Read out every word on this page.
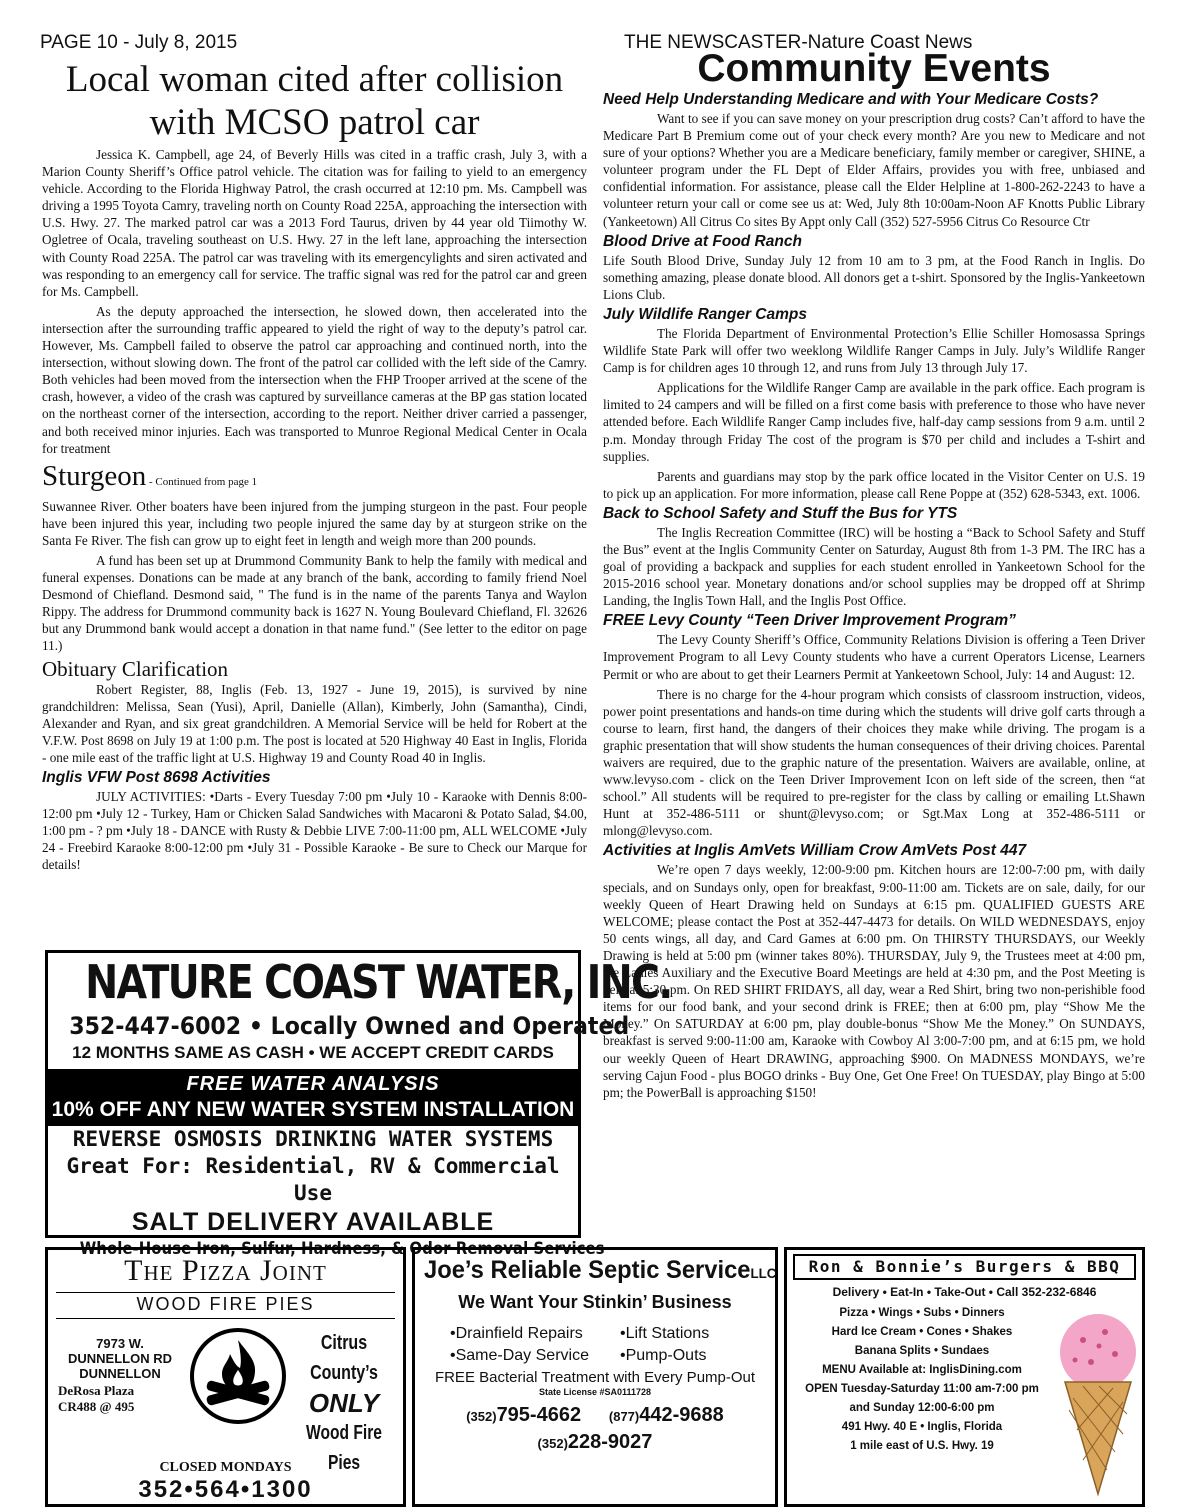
PAGE 10 - July 8, 2015	THE NEWSCASTER-Nature Coast News
Local woman cited after collision with MCSO patrol car

Jessica K. Campbell, age 24, of Beverly Hills was cited in a traffic crash, July 3, with a Marion County Sheriff’s Office patrol vehicle. The citation was for failing to yield to an emergency vehicle. According to the Florida Highway Patrol, the crash occurred at 12:10 pm. Ms. Campbell was driving a 1995 Toyota Camry, traveling north on County Road 225A, approaching the intersection with U.S. Hwy. 27. The marked patrol car was a 2013 Ford Taurus, driven by 44 year old Tiimothy W. Ogletree of Ocala, traveling southeast on U.S. Hwy. 27 in the left lane, approaching the intersection with County Road 225A. The patrol car was traveling with its emergencylights and siren activated and was responding to an emergency call for service. The traffic signal was red for the patrol car and green for Ms. Campbell.

As the deputy approached the intersection, he slowed down, then accelerated into the intersection after the surrounding traffic appeared to yield the right of way to the deputy’s patrol car. However, Ms. Campbell failed to observe the patrol car approaching and continued north, into the intersection, without slowing down. The front of the patrol car collided with the left side of the Camry. Both vehicles had been moved from the intersection when the FHP Trooper arrived at the scene of the crash, however, a video of the crash was captured by surveillance cameras at the BP gas station located on the northeast corner of the intersection, according to the report. Neither driver carried a passenger, and both received minor injuries. Each was transported to Munroe Regional Medical Center in Ocala for treatment

Sturgeon - Continued from page 1

Suwannee River. Other boaters have been injured from the jumping sturgeon in the past. Four people have been injured this year, including two people injured the same day by at sturgeon strike on the Santa Fe River. The fish can grow up to eight feet in length and weigh more than 200 pounds.

A fund has been set up at Drummond Community Bank to help the family with medical and funeral expenses. Donations can be made at any branch of the bank, according to family friend Noel Desmond of Chiefland. Desmond said, " The fund is in the name of the parents Tanya and Waylon Rippy. The address for Drummond community back is 1627 N. Young Boulevard Chiefland, Fl. 32626 but any Drummond bank would accept a donation in that name fund." (See letter to the editor on page 11.)

Obituary Clarification

Robert Register, 88, Inglis (Feb. 13, 1927 - June 19, 2015), is survived by nine grandchildren: Melissa, Sean (Yusi), April, Danielle (Allan), Kimberly, John (Samantha), Cindi, Alexander and Ryan, and six great grandchildren. A Memorial Service will be held for Robert at the V.F.W. Post 8698 on July 19 at 1:00 p.m. The post is located at 520 Highway 40 East in Inglis, Florida - one mile east of the traffic light at U.S. Highway 19 and County Road 40 in Inglis.

Inglis VFW Post 8698 Activities

JULY ACTIVITIES: •Darts - Every Tuesday 7:00 pm •July 10 - Karaoke with Dennis 8:00- 12:00 pm •July 12 - Turkey, Ham or Chicken Salad Sandwiches with Macaroni & Potato Salad, $4.00, 1:00 pm - ? pm •July 18 - DANCE with Rusty & Debbie LIVE 7:00-11:00 pm, ALL WELCOME •July 24 - Freebird Karaoke 8:00-12:00 pm •July 31 - Possible Karaoke - Be sure to Check our Marque for details!

Community Events
Need Help Understanding Medicare and with Your Medicare Costs?

Want to see if you can save money on your prescription drug costs? Can’t afford to have the Medicare Part B Premium come out of your check every month? Are you new to Medicare and not sure of your options? Whether you are a Medicare beneficiary, family member or caregiver, SHINE, a volunteer program under the FL Dept of Elder Affairs, provides you with free, unbiased and confidential information. For assistance, please call the Elder Helpline at 1-800-262-2243 to have a volunteer return your call or come see us at: Wed, July 8th 10:00am-Noon AF Knotts Public Library (Yankeetown) All Citrus Co sites By Appt only Call (352) 527-5956 Citrus Co Resource Ctr

Blood Drive at Food Ranch

Life South Blood Drive, Sunday July 12 from 10 am to 3 pm, at the Food Ranch in Inglis. Do something amazing, please donate blood. All donors get a t-shirt. Sponsored by the Inglis-Yankeetown Lions Club.

July Wildlife Ranger Camps

The Florida Department of Environmental Protection’s Ellie Schiller Homosassa Springs Wildlife State Park will offer two weeklong Wildlife Ranger Camps in July. July’s Wildlife Ranger Camp is for children ages 10 through 12, and runs from July 13 through July 17.

Applications for the Wildlife Ranger Camp are available in the park office. Each program is limited to 24 campers and will be filled on a first come basis with preference to those who have never attended before. Each Wildlife Ranger Camp includes five, half-day camp sessions from 9 a.m. until 2 p.m. Monday through Friday The cost of the program is $70 per child and includes a T-shirt and supplies.

Parents and guardians may stop by the park office located in the Visitor Center on U.S. 19 to pick up an application. For more information, please call Rene Poppe at (352) 628-5343, ext. 1006.

Back to School Safety and Stuff the Bus for YTS

The Inglis Recreation Committee (IRC) will be hosting a “Back to School Safety and Stuff the Bus” event at the Inglis Community Center on Saturday, August 8th from 1-3 PM. The IRC has a goal of providing a backpack and supplies for each student enrolled in Yankeetown School for the 2015-2016 school year. Monetary donations and/or school supplies may be dropped off at Shrimp Landing, the Inglis Town Hall, and the Inglis Post Office.

FREE Levy County “Teen Driver Improvement Program”

The Levy County Sheriff’s Office, Community Relations Division is offering a Teen Driver Improvement Program to all Levy County students who have a current Operators License, Learners Permit or who are about to get their Learners Permit at Yankeetown School, July: 14 and August: 12.

There is no charge for the 4-hour program which consists of classroom instruction, videos, power point presentations and hands-on time during which the students will drive golf carts through a course to learn, first hand, the dangers of their choices they make while driving. The progam is a graphic presentation that will show students the human consequences of their driving choices. Parental waivers are required, due to the graphic nature of the presentation. Waivers are available, online, at www.levyso.com - click on the Teen Driver Improvement Icon on left side of the screen, then “at school.” All students will be required to pre-register for the class by calling or emailing Lt.Shawn Hunt at 352-486-5111 or shunt@levyso.com; or Sgt.Max Long at 352-486-5111 or mlong@levyso.com.

Activities at Inglis AmVets William Crow AmVets Post 447

We’re open 7 days weekly, 12:00-9:00 pm. Kitchen hours are 12:00-7:00 pm, with daily specials, and on Sundays only, open for breakfast, 9:00-11:00 am. Tickets are on sale, daily, for our weekly Queen of Heart Drawing held on Sundays at 6:15 pm. QUALIFIED GUESTS ARE WELCOME; please contact the Post at 352-447-4473 for details. On WILD WEDNESDAYS, enjoy 50 cents wings, all day, and Card Games at 6:00 pm. On THIRSTY THURSDAYS, our Weekly Drawing is held at 5:00 pm (winner takes 80%). THURSDAY, July 9, the Trustees meet at 4:00 pm, the Ladies Auxiliary and the Executive Board Meetings are held at 4:30 pm, and the Post Meeting is held at 5:30 pm. On RED SHIRT FRIDAYS, all day, wear a Red Shirt, bring two non-perishible food items for our food bank, and your second drink is FREE; then at 6:00 pm, play “Show Me the Money.” On SATURDAY at 6:00 pm, play double-bonus “Show Me the Money.” On SUNDAYS, breakfast is served 9:00-11:00 am, Karaoke with Cowboy Al 3:00-7:00 pm, and at 6:15 pm, we hold our weekly Queen of Heart DRAWING, approaching $900. On MADNESS MONDAYS, we’re serving Cajun Food - plus BOGO drinks - Buy One, Get One Free! On TUESDAY, play Bingo at 5:00 pm; the PowerBall is approaching $150!

NATURE COAST WATER, INC.
352-447-6002 • Locally Owned and Operated
12 MONTHS SAME AS CASH • WE ACCEPT CREDIT CARDS
FREE WATER ANALYSIS
10% OFF ANY NEW WATER SYSTEM INSTALLATION
REVERSE OSMOSIS DRINKING WATER SYSTEMS
Great For: Residential, RV & Commercial Use
SALT DELIVERY AVAILABLE
Whole-House Iron, Sulfur, Hardness, & Odor Removal Services
The Pizza Joint
WOOD FIRE PIES
7973 W.
DUNNELLON RD
DUNNELLON
DeRosa Plaza
CR488 @ 495
Citrus County’s
ONLY
Wood Fire Pies
CLOSED MONDAYS
352•564•1300
Joe’s Reliable Septic ServiceLLC
We Want Your Stinkin’ Business
•Drainfield Repairs •Lift Stations
•Same-Day Service •Pump-Outs
FREE Bacterial Treatment with Every Pump-Out
State License #SA0111728
(352)795-4662 (877)442-9688
(352)228-9027
Ron & Bonnie’s Burgers & BBQ
Delivery • Eat-In • Take-Out • Call 352-232-6846
Pizza • Wings • Subs • Dinners
Hard Ice Cream • Cones • Shakes
Banana Splits • Sundaes
MENU Available at: InglisDining.com
OPEN Tuesday-Saturday 11:00 am-7:00 pm
and Sunday 12:00-6:00 pm
491 Hwy. 40 E • Inglis, Florida
1 mile east of U.S. Hwy. 19
